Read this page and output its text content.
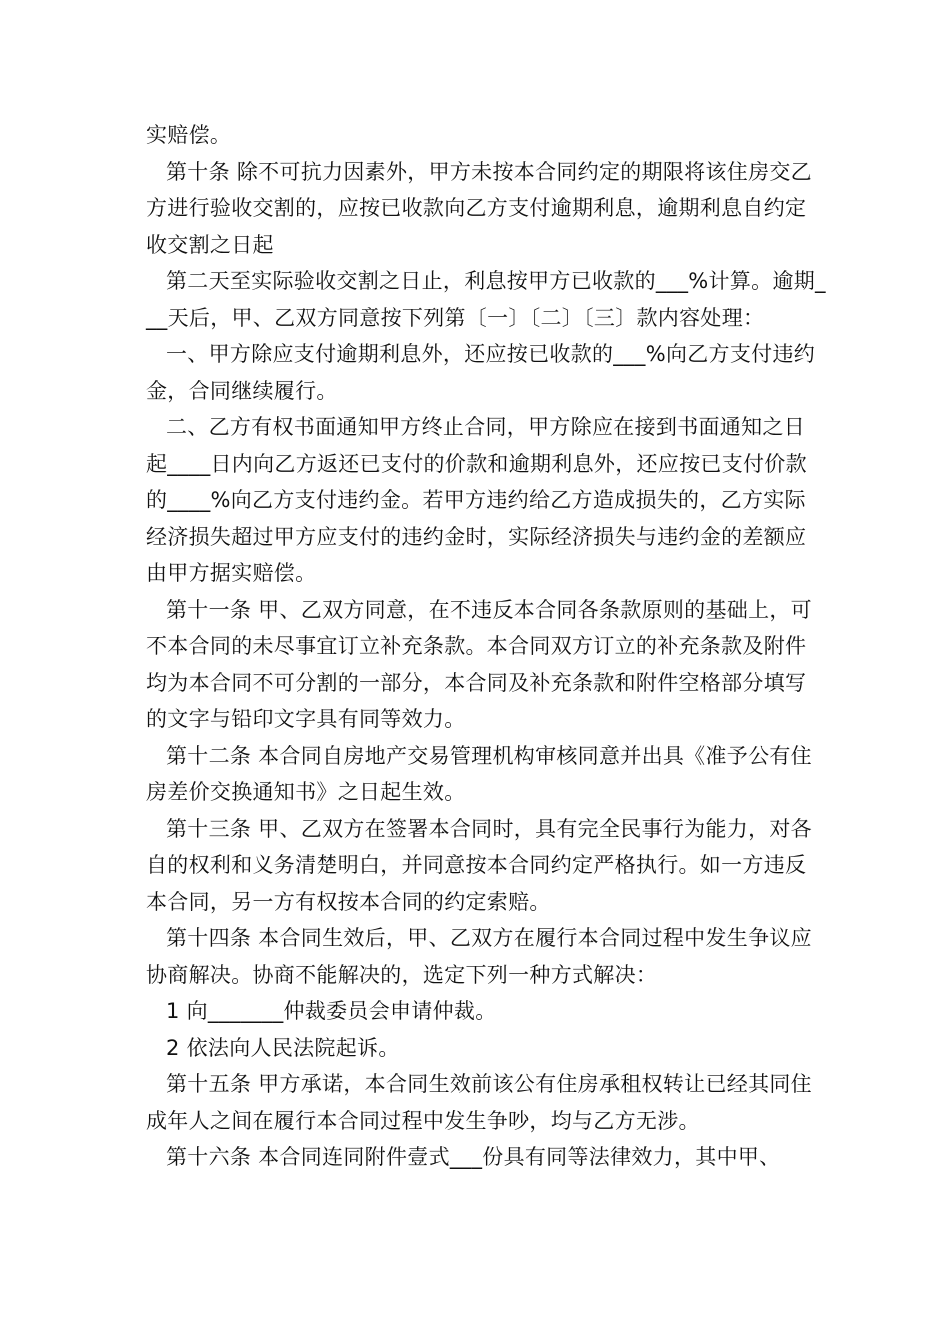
实赔偿。

第十条 除不可抗力因素外，甲方未按本合同约定的期限将该住房交乙方进行验收交割的，应按已收款向乙方支付逾期利息，逾期利息自约定收交割之日起

第二天至实际验收交割之日止，利息按甲方已收款的___%计算。逾期___天后，甲、乙双方同意按下列第〔一〕〔二〕〔三〕款内容处理：

一、甲方除应支付逾期利息外，还应按已收款的___%向乙方支付违约金，合同继续履行。

二、乙方有权书面通知甲方终止合同，甲方除应在接到书面通知之日起____日内向乙方返还已支付的价款和逾期利息外，还应按已支付价款的____%向乙方支付违约金。若甲方违约给乙方造成损失的，乙方实际经济损失超过甲方应支付的违约金时，实际经济损失与违约金的差额应由甲方据实赔偿。

第十一条 甲、乙双方同意，在不违反本合同各条款原则的基础上，可不本合同的未尽事宜订立补充条款。本合同双方订立的补充条款及附件均为本合同不可分割的一部分，本合同及补充条款和附件空格部分填写的文字与铅印文字具有同等效力。

第十二条 本合同自房地产交易管理机构审核同意并出具《准予公有住房差价交换通知书》之日起生效。

第十三条 甲、乙双方在签署本合同时，具有完全民事行为能力，对各自的权利和义务清楚明白，并同意按本合同约定严格执行。如一方违反本合同，另一方有权按本合同的约定索赔。

第十四条 本合同生效后，甲、乙双方在履行本合同过程中发生争议应协商解决。协商不能解决的，选定下列一种方式解决：

1 向_______仲裁委员会申请仲裁。

2 依法向人民法院起诉。

第十五条 甲方承诺，本合同生效前该公有住房承租权转让已经其同住成年人之间在履行本合同过程中发生争吵，均与乙方无涉。

第十六条 本合同连同附件壹式___份具有同等法律效力，其中甲、
